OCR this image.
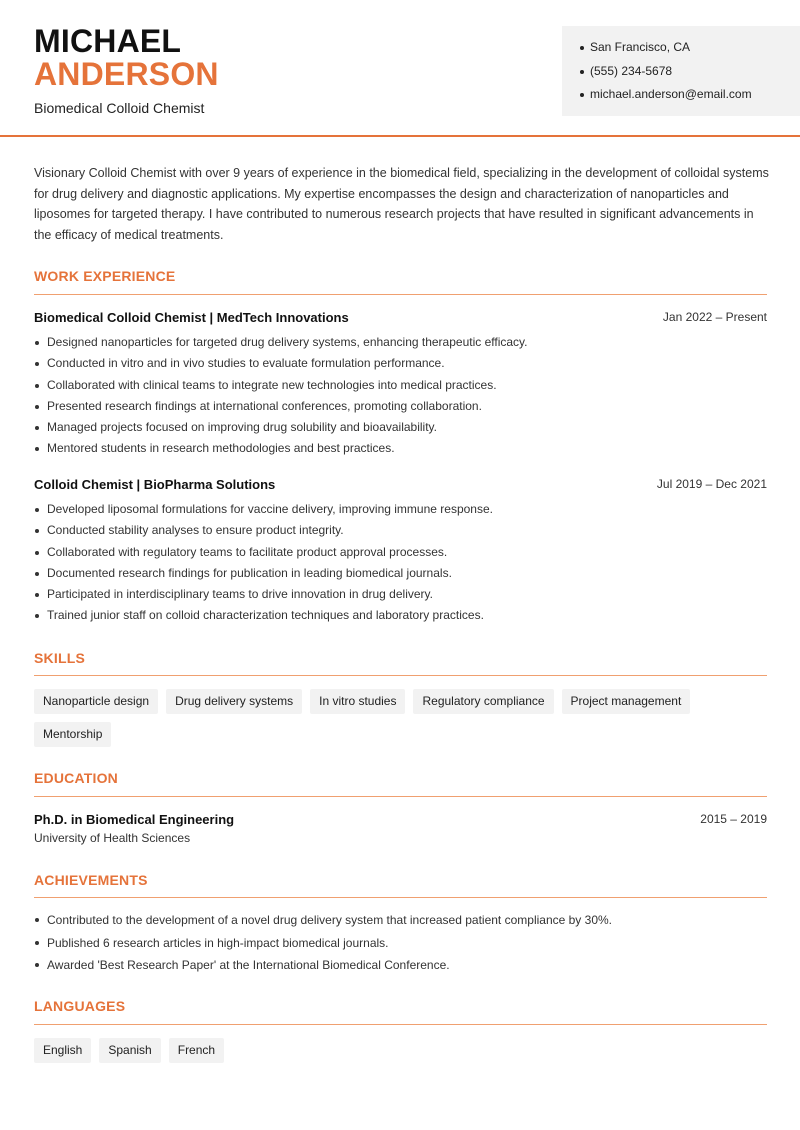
MICHAEL
ANDERSON
Biomedical Colloid Chemist
San Francisco, CA
(555) 234-5678
michael.anderson@email.com

Visionary Colloid Chemist with over 9 years of experience in the biomedical field, specializing in the development of colloidal systems for drug delivery and diagnostic applications. My expertise encompasses the design and characterization of nanoparticles and liposomes for targeted therapy. I have contributed to numerous research projects that have resulted in significant advancements in the efficacy of medical treatments.

WORK EXPERIENCE
Biomedical Colloid Chemist | MedTech Innovations	Jan 2022 – Present
Designed nanoparticles for targeted drug delivery systems, enhancing therapeutic efficacy.
Conducted in vitro and in vivo studies to evaluate formulation performance.
Collaborated with clinical teams to integrate new technologies into medical practices.
Presented research findings at international conferences, promoting collaboration.
Managed projects focused on improving drug solubility and bioavailability.
Mentored students in research methodologies and best practices.
Colloid Chemist | BioPharma Solutions	Jul 2019 – Dec 2021
Developed liposomal formulations for vaccine delivery, improving immune response.
Conducted stability analyses to ensure product integrity.
Collaborated with regulatory teams to facilitate product approval processes.
Documented research findings for publication in leading biomedical journals.
Participated in interdisciplinary teams to drive innovation in drug delivery.
Trained junior staff on colloid characterization techniques and laboratory practices.
SKILLS
Nanoparticle design	Drug delivery systems	In vitro studies	Regulatory compliance	Project management
Mentorship
EDUCATION
Ph.D. in Biomedical Engineering	2015 – 2019
University of Health Sciences
ACHIEVEMENTS
Contributed to the development of a novel drug delivery system that increased patient compliance by 30%.
Published 6 research articles in high-impact biomedical journals.
Awarded 'Best Research Paper' at the International Biomedical Conference.
LANGUAGES
English	Spanish	French
